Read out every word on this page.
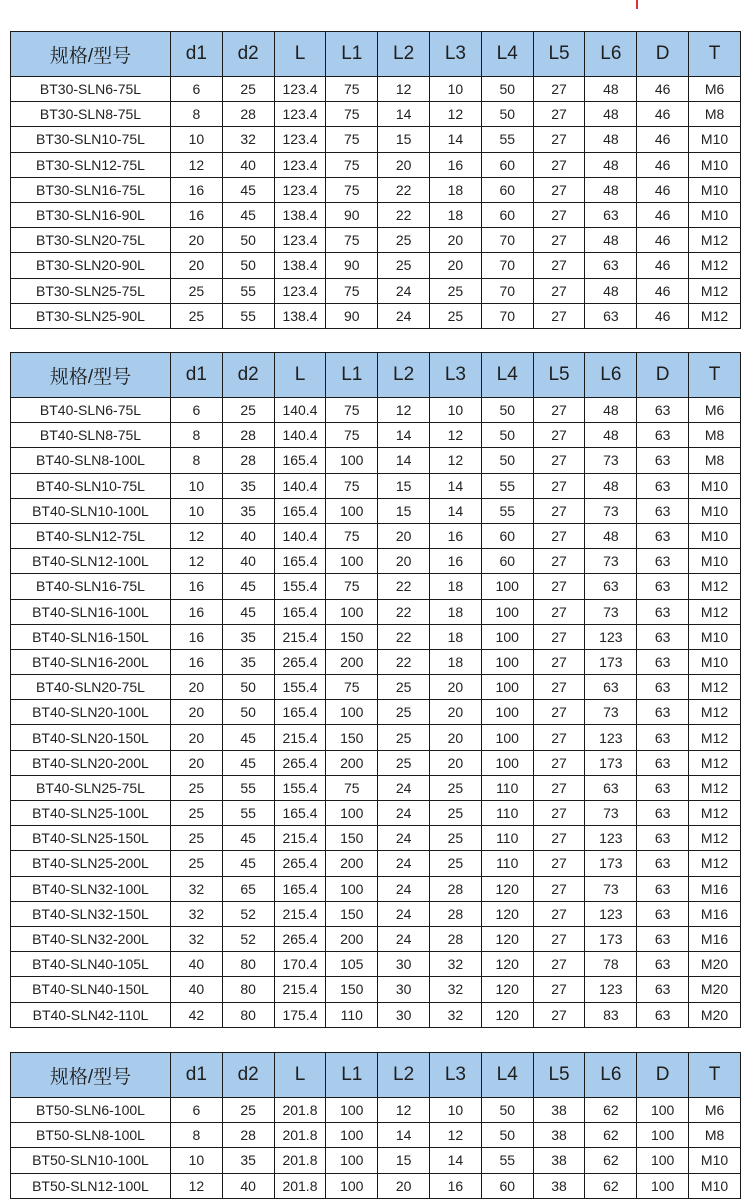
规格/型号	d1	d2	L	L1	L2	L3	L4	L5	L6	D	T
BT30-SLN6-75L	6	25	123.4	75	12	10	50	27	48	46	M6
BT30-SLN8-75L	8	28	123.4	75	14	12	50	27	48	46	M8
BT30-SLN10-75L	10	32	123.4	75	15	14	55	27	48	46	M10
BT30-SLN12-75L	12	40	123.4	75	20	16	60	27	48	46	M10
BT30-SLN16-75L	16	45	123.4	75	22	18	60	27	48	46	M10
BT30-SLN16-90L	16	45	138.4	90	22	18	60	27	63	46	M10
BT30-SLN20-75L	20	50	123.4	75	25	20	70	27	48	46	M12
BT30-SLN20-90L	20	50	138.4	90	25	20	70	27	63	46	M12
BT30-SLN25-75L	25	55	123.4	75	24	25	70	27	48	46	M12
BT30-SLN25-90L	25	55	138.4	90	24	25	70	27	63	46	M12
规格/型号	d1	d2	L	L1	L2	L3	L4	L5	L6	D	T
BT40-SLN6-75L	6	25	140.4	75	12	10	50	27	48	63	M6
BT40-SLN8-75L	8	28	140.4	75	14	12	50	27	48	63	M8
BT40-SLN8-100L	8	28	165.4	100	14	12	50	27	73	63	M8
BT40-SLN10-75L	10	35	140.4	75	15	14	55	27	48	63	M10
BT40-SLN10-100L	10	35	165.4	100	15	14	55	27	73	63	M10
BT40-SLN12-75L	12	40	140.4	75	20	16	60	27	48	63	M10
BT40-SLN12-100L	12	40	165.4	100	20	16	60	27	73	63	M10
BT40-SLN16-75L	16	45	155.4	75	22	18	100	27	63	63	M12
BT40-SLN16-100L	16	45	165.4	100	22	18	100	27	73	63	M12
BT40-SLN16-150L	16	35	215.4	150	22	18	100	27	123	63	M10
BT40-SLN16-200L	16	35	265.4	200	22	18	100	27	173	63	M10
BT40-SLN20-75L	20	50	155.4	75	25	20	100	27	63	63	M12
BT40-SLN20-100L	20	50	165.4	100	25	20	100	27	73	63	M12
BT40-SLN20-150L	20	45	215.4	150	25	20	100	27	123	63	M12
BT40-SLN20-200L	20	45	265.4	200	25	20	100	27	173	63	M12
BT40-SLN25-75L	25	55	155.4	75	24	25	110	27	63	63	M12
BT40-SLN25-100L	25	55	165.4	100	24	25	110	27	73	63	M12
BT40-SLN25-150L	25	45	215.4	150	24	25	110	27	123	63	M12
BT40-SLN25-200L	25	45	265.4	200	24	25	110	27	173	63	M12
BT40-SLN32-100L	32	65	165.4	100	24	28	120	27	73	63	M16
BT40-SLN32-150L	32	52	215.4	150	24	28	120	27	123	63	M16
BT40-SLN32-200L	32	52	265.4	200	24	28	120	27	173	63	M16
BT40-SLN40-105L	40	80	170.4	105	30	32	120	27	78	63	M20
BT40-SLN40-150L	40	80	215.4	150	30	32	120	27	123	63	M20
BT40-SLN42-110L	42	80	175.4	110	30	32	120	27	83	63	M20
规格/型号	d1	d2	L	L1	L2	L3	L4	L5	L6	D	T
BT50-SLN6-100L	6	25	201.8	100	12	10	50	38	62	100	M6
BT50-SLN8-100L	8	28	201.8	100	14	12	50	38	62	100	M8
BT50-SLN10-100L	10	35	201.8	100	15	14	55	38	62	100	M10
BT50-SLN12-100L	12	40	201.8	100	20	16	60	38	62	100	M10
